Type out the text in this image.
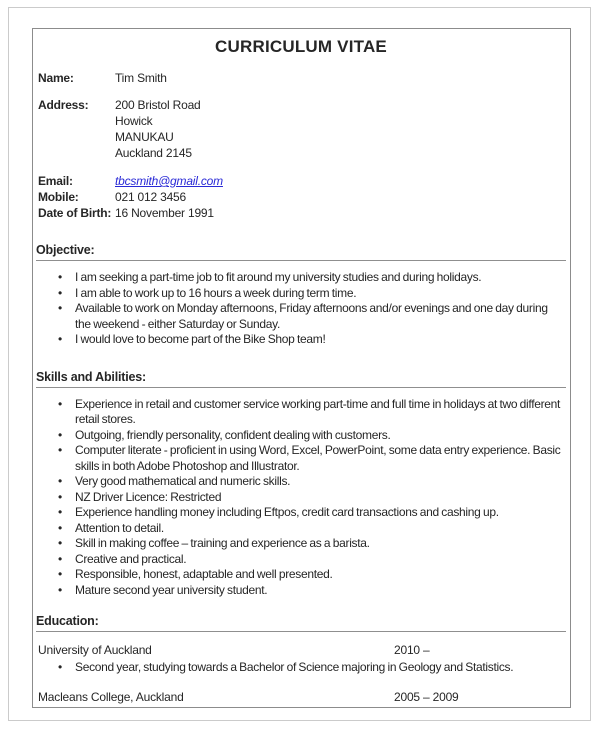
CURRICULUM VITAE
Name:	Tim Smith
Address:	200 Bristol Road
Howick
MANUKAU
Auckland 2145
Email:	tbcsmith@gmail.com
Mobile:	021 012 3456
Date of Birth: 16 November 1991
Objective:
• I am seeking a part-time job to fit around my university studies and during holidays.
• I am able to work up to 16 hours a week during term time.
• Available to work on Monday afternoons, Friday afternoons and/or evenings and one day during the weekend - either Saturday or Sunday.
• I would love to become part of the Bike Shop team!
Skills and Abilities:
• Experience in retail and customer service working part-time and full time in holidays at two different retail stores.
• Outgoing, friendly personality, confident dealing with customers.
• Computer literate - proficient in using Word, Excel, PowerPoint, some data entry experience. Basic skills in both Adobe Photoshop and Illustrator.
• Very good mathematical and numeric skills.
• NZ Driver Licence: Restricted
• Experience handling money including Eftpos, credit card transactions and cashing up.
• Attention to detail.
• Skill in making coffee – training and experience as a barista.
• Creative and practical.
• Responsible, honest, adaptable and well presented.
• Mature second year university student.
Education:
University of Auckland	2010 –
• Second year, studying towards a Bachelor of Science majoring in Geology and Statistics.
Macleans College, Auckland	2005 – 2009
